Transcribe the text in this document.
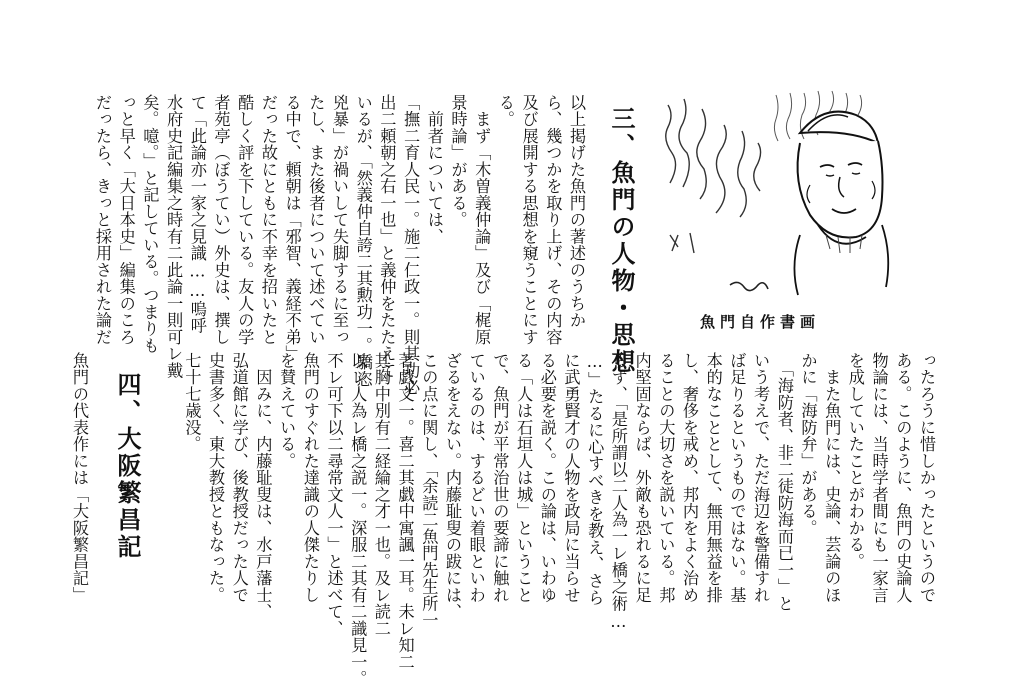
魚門自作書画
三、魚門の人物・思想
四、大阪繁昌記
以上掲げた魚門の著述のうちか
ら、幾つかを取り上げ、その内容
及び展開する思想を窺うことにす
る。
　まず「木曽義仲論」及び「梶原
景時論」がある。
　前者については、
「撫二育人民一。施二仁政一。則其功必
出二頼朝之右一也」と義仲をたたえて
いるが、「然義仲自誇二其勲功一。驕恣
兇暴」が禍いして失脚するに至っ
たし、また後者について述べてい
る中で、頼朝は「邪智、義経不弟」
だった故にともに不幸を招いたと
酷しく評を下している。友人の学
者苑亭（ぼうてい）外史は、撰し
て「此論亦一家之見識……嗚呼
水府史記編集之時有二此論一則可レ戴
矣。噫。」と記している。つまりも
っと早く「大日本史」編集のころ
だったら、きっと採用された論だ
ったろうに惜しかったというので
ある。このように、魚門の史論人
物論には、当時学者間にも一家言
を成していたことがわかる。
　また魚門には、史論、芸論のほ
かに「海防弁」がある。
　「海防者、非二徒防海而已一」と
いう考えで、ただ海辺を警備すれ
ば足りるというものではない。基
本的なこととして、無用無益を排
し、奢侈を戒め、邦内をよく治め
ることの大切さを説いている。邦
内堅固ならば、外敵も恐れるに足
らず、「是所謂以二人為一レ橋之術…
…」たるに心すべきを教え、さら
に武勇賢才の人物を政局に当らせ
る必要を説く。この論は、いわゆ
る「人は石垣人は城」ということ
で、魚門が平常治世の要諦に触れ
ているのは、するどい着眼といわ
ざるをえない。内藤耻叟の跋には、
この点に関し、「余読二魚門先生所一
著戯文一。喜二其戯中寓諷一耳。未レ知二
其胸中別有二経綸之才一也。及レ読二
以レ人為レ橋之説一。深服二其有二識見一。
不レ可下以二尋常文人一」と述べて、
魚門のすぐれた達識の人傑たりし
を賛えている。
　因みに、内藤耻叟は、水戸藩士、
弘道館に学び、後教授だった人で
史書多く、東大教授ともなった。
七十七歳没。
魚門の代表作には「大阪繁昌記」
